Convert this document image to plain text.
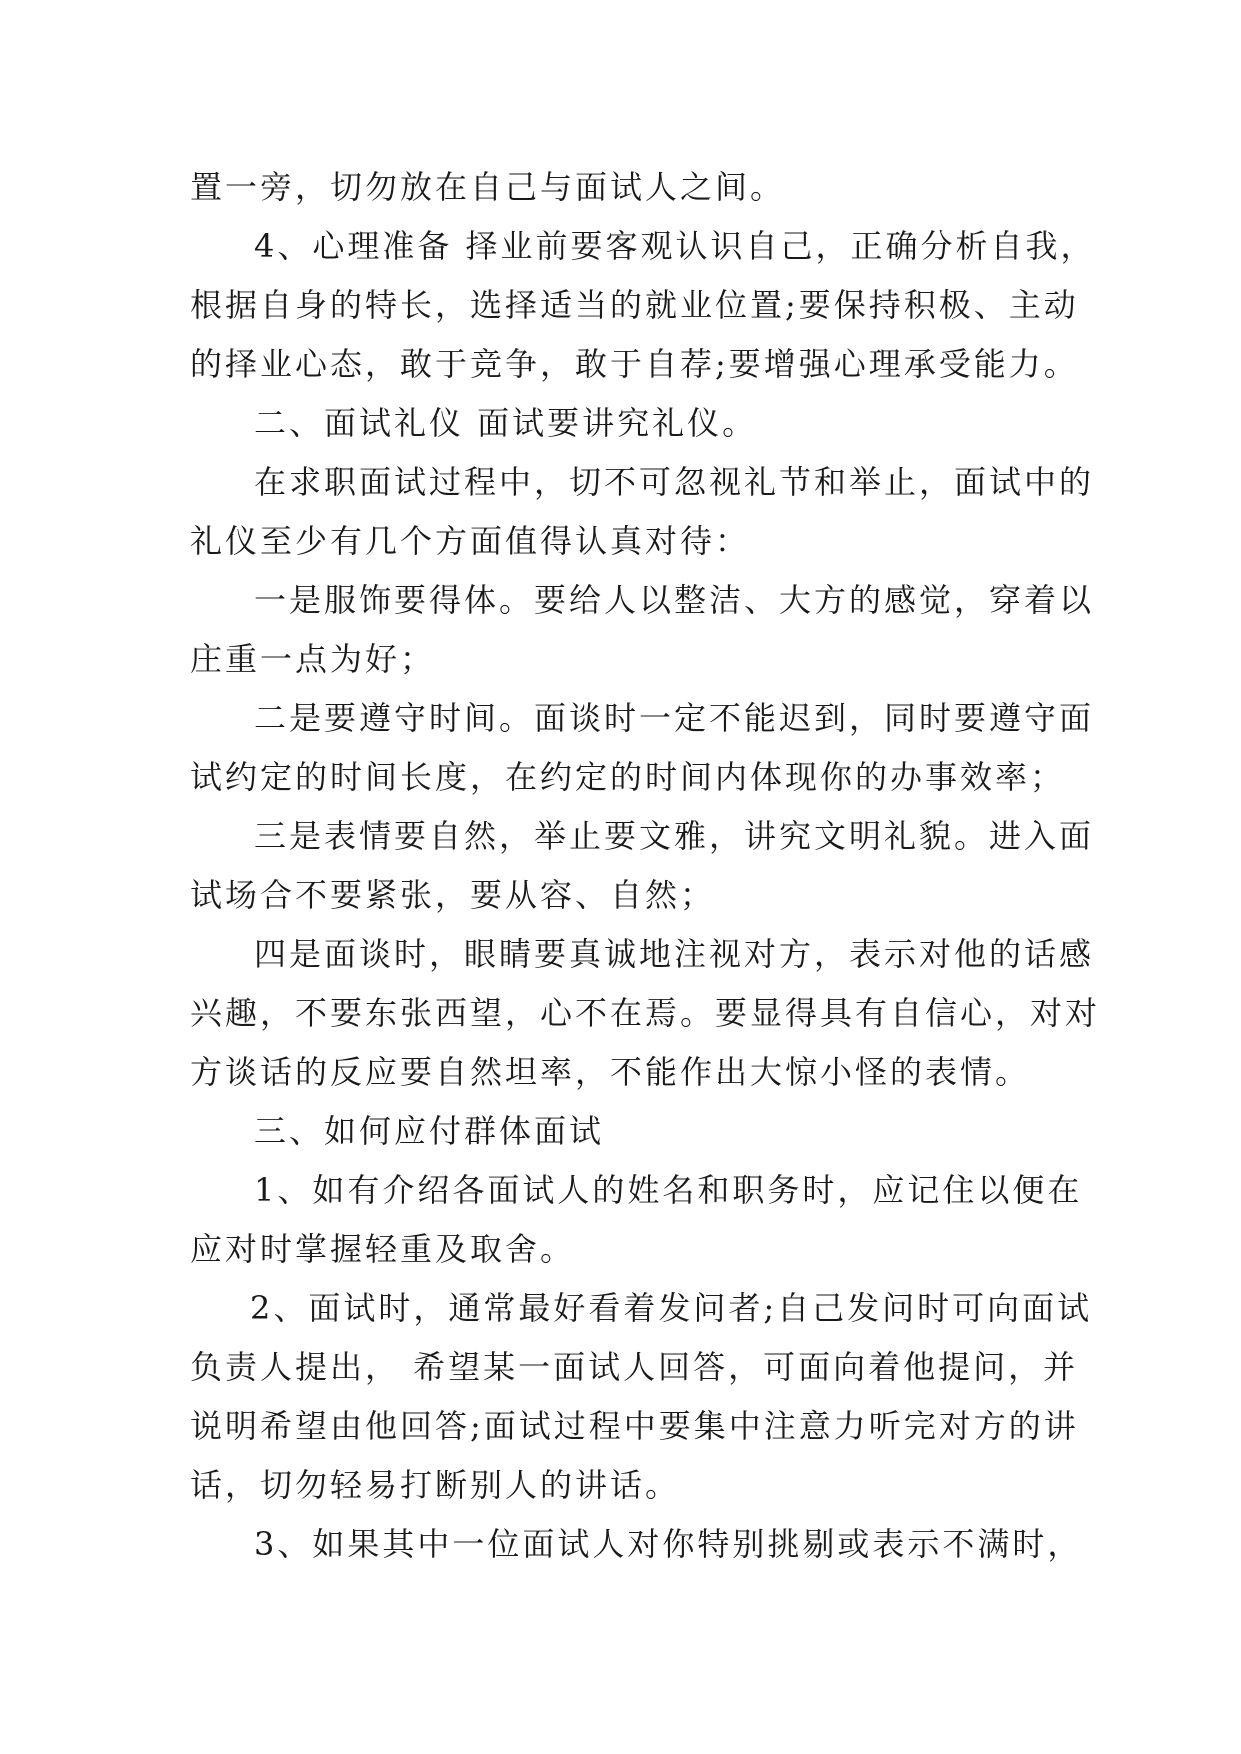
置一旁，切勿放在自己与面试人之间。
4、心理准备 择业前要客观认识自己，正确分析自我，
根据自身的特长，选择适当的就业位置;要保持积极、主动
的择业心态，敢于竞争，敢于自荐;要增强心理承受能力。
二、面试礼仪 面试要讲究礼仪。
在求职面试过程中，切不可忽视礼节和举止，面试中的
礼仪至少有几个方面值得认真对待：
一是服饰要得体。要给人以整洁、大方的感觉，穿着以
庄重一点为好；
二是要遵守时间。面谈时一定不能迟到，同时要遵守面
试约定的时间长度，在约定的时间内体现你的办事效率；
三是表情要自然，举止要文雅，讲究文明礼貌。进入面
试场合不要紧张，要从容、自然；
四是面谈时，眼睛要真诚地注视对方，表示对他的话感
兴趣，不要东张西望，心不在焉。要显得具有自信心，对对
方谈话的反应要自然坦率，不能作出大惊小怪的表情。
三、如何应付群体面试
1、如有介绍各面试人的姓名和职务时，应记住以便在
应对时掌握轻重及取舍。
2、面试时，通常最好看着发问者;自己发问时可向面试
负责人提出， 希望某一面试人回答，可面向着他提问，并
说明希望由他回答;面试过程中要集中注意力听完对方的讲
话，切勿轻易打断别人的讲话。
3、如果其中一位面试人对你特别挑剔或表示不满时，
